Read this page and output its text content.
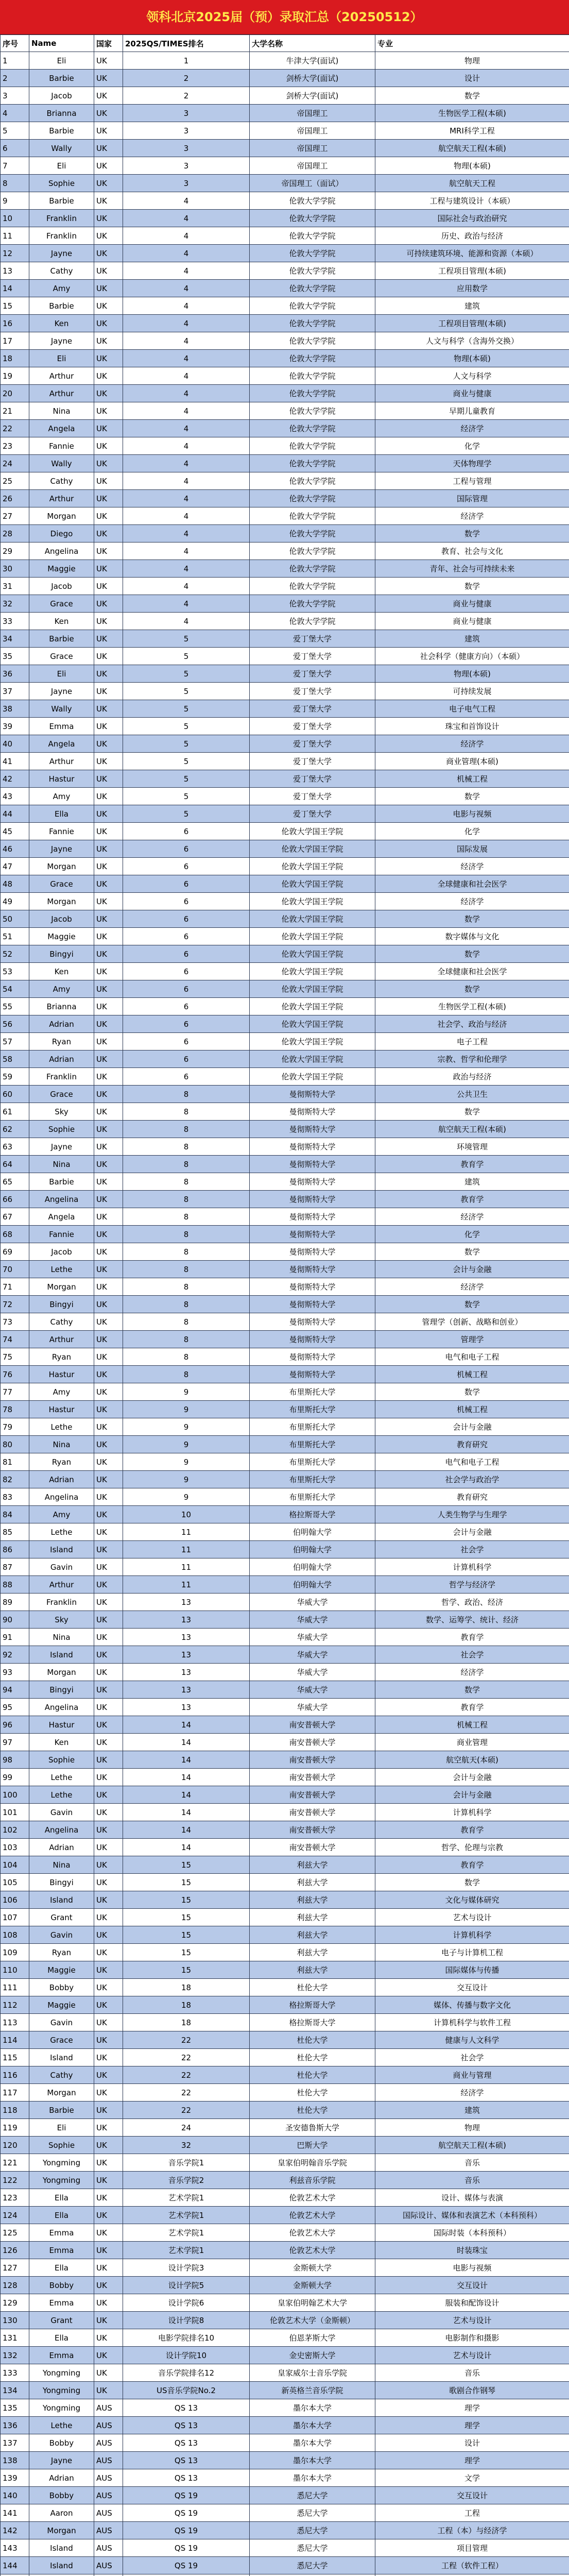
领科北京2025届（预）录取汇总（20250512）
序号	Name	国家	2025QS/TIMES排名	大学名称	专业
1	Eli	UK	1	牛津大学(面试)	物理
2	Barbie	UK	2	剑桥大学(面试)	设计
3	Jacob	UK	2	剑桥大学(面试)	数学
4	Brianna	UK	3	帝国理工	生物医学工程(本硕)
5	Barbie	UK	3	帝国理工	MRI科学工程
6	Wally	UK	3	帝国理工	航空航天工程(本硕)
7	Eli	UK	3	帝国理工	物理(本硕)
8	Sophie	UK	3	帝国理工（面试）	航空航天工程
9	Barbie	UK	4	伦敦大学学院	工程与建筑设计（本硕）
10	Franklin	UK	4	伦敦大学学院	国际社会与政治研究
11	Franklin	UK	4	伦敦大学学院	历史、政治与经济
12	Jayne	UK	4	伦敦大学学院	可持续建筑环境、能源和资源（本硕）
13	Cathy	UK	4	伦敦大学学院	工程项目管理(本硕)
14	Amy	UK	4	伦敦大学学院	应用数学
15	Barbie	UK	4	伦敦大学学院	建筑
16	Ken	UK	4	伦敦大学学院	工程项目管理(本硕)
17	Jayne	UK	4	伦敦大学学院	人文与科学（含海外交换）
18	Eli	UK	4	伦敦大学学院	物理(本硕)
19	Arthur	UK	4	伦敦大学学院	人文与科学
20	Arthur	UK	4	伦敦大学学院	商业与健康
21	Nina	UK	4	伦敦大学学院	早期儿童教育
22	Angela	UK	4	伦敦大学学院	经济学
23	Fannie	UK	4	伦敦大学学院	化学
24	Wally	UK	4	伦敦大学学院	天体物理学
25	Cathy	UK	4	伦敦大学学院	工程与管理
26	Arthur	UK	4	伦敦大学学院	国际管理
27	Morgan	UK	4	伦敦大学学院	经济学
28	Diego	UK	4	伦敦大学学院	数学
29	Angelina	UK	4	伦敦大学学院	教育、社会与文化
30	Maggie	UK	4	伦敦大学学院	青年、社会与可持续未来
31	Jacob	UK	4	伦敦大学学院	数学
32	Grace	UK	4	伦敦大学学院	商业与健康
33	Ken	UK	4	伦敦大学学院	商业与健康
34	Barbie	UK	5	爱丁堡大学	建筑
35	Grace	UK	5	爱丁堡大学	社会科学（健康方向）（本硕）
36	Eli	UK	5	爱丁堡大学	物理(本硕)
37	Jayne	UK	5	爱丁堡大学	可持续发展
38	Wally	UK	5	爱丁堡大学	电子电气工程
39	Emma	UK	5	爱丁堡大学	珠宝和首饰设计
40	Angela	UK	5	爱丁堡大学	经济学
41	Arthur	UK	5	爱丁堡大学	商业管理(本硕)
42	Hastur	UK	5	爱丁堡大学	机械工程
43	Amy	UK	5	爱丁堡大学	数学
44	Ella	UK	5	爱丁堡大学	电影与视频
45	Fannie	UK	6	伦敦大学国王学院	化学
46	Jayne	UK	6	伦敦大学国王学院	国际发展
47	Morgan	UK	6	伦敦大学国王学院	经济学
48	Grace	UK	6	伦敦大学国王学院	全球健康和社会医学
49	Morgan	UK	6	伦敦大学国王学院	经济学
50	Jacob	UK	6	伦敦大学国王学院	数学
51	Maggie	UK	6	伦敦大学国王学院	数字媒体与文化
52	Bingyi	UK	6	伦敦大学国王学院	数学
53	Ken	UK	6	伦敦大学国王学院	全球健康和社会医学
54	Amy	UK	6	伦敦大学国王学院	数学
55	Brianna	UK	6	伦敦大学国王学院	生物医学工程(本硕)
56	Adrian	UK	6	伦敦大学国王学院	社会学、政治与经济
57	Ryan	UK	6	伦敦大学国王学院	电子工程
58	Adrian	UK	6	伦敦大学国王学院	宗教、哲学和伦理学
59	Franklin	UK	6	伦敦大学国王学院	政治与经济
60	Grace	UK	8	曼彻斯特大学	公共卫生
61	Sky	UK	8	曼彻斯特大学	数学
62	Sophie	UK	8	曼彻斯特大学	航空航天工程(本硕)
63	Jayne	UK	8	曼彻斯特大学	环境管理
64	Nina	UK	8	曼彻斯特大学	教育学
65	Barbie	UK	8	曼彻斯特大学	建筑
66	Angelina	UK	8	曼彻斯特大学	教育学
67	Angela	UK	8	曼彻斯特大学	经济学
68	Fannie	UK	8	曼彻斯特大学	化学
69	Jacob	UK	8	曼彻斯特大学	数学
70	Lethe	UK	8	曼彻斯特大学	会计与金融
71	Morgan	UK	8	曼彻斯特大学	经济学
72	Bingyi	UK	8	曼彻斯特大学	数学
73	Cathy	UK	8	曼彻斯特大学	管理学（创新、战略和创业）
74	Arthur	UK	8	曼彻斯特大学	管理学
75	Ryan	UK	8	曼彻斯特大学	电气和电子工程
76	Hastur	UK	8	曼彻斯特大学	机械工程
77	Amy	UK	9	布里斯托大学	数学
78	Hastur	UK	9	布里斯托大学	机械工程
79	Lethe	UK	9	布里斯托大学	会计与金融
80	Nina	UK	9	布里斯托大学	教育研究
81	Ryan	UK	9	布里斯托大学	电气和电子工程
82	Adrian	UK	9	布里斯托大学	社会学与政治学
83	Angelina	UK	9	布里斯托大学	教育研究
84	Amy	UK	10	格拉斯哥大学	人类生物学与生理学
85	Lethe	UK	11	伯明翰大学	会计与金融
86	Island	UK	11	伯明翰大学	社会学
87	Gavin	UK	11	伯明翰大学	计算机科学
88	Arthur	UK	11	伯明翰大学	哲学与经济学
89	Franklin	UK	13	华威大学	哲学、政治、经济
90	Sky	UK	13	华威大学	数学、运筹学、统计、经济
91	Nina	UK	13	华威大学	教育学
92	Island	UK	13	华威大学	社会学
93	Morgan	UK	13	华威大学	经济学
94	Bingyi	UK	13	华威大学	数学
95	Angelina	UK	13	华威大学	教育学
96	Hastur	UK	14	南安普顿大学	机械工程
97	Ken	UK	14	南安普顿大学	商业管理
98	Sophie	UK	14	南安普顿大学	航空航天(本硕)
99	Lethe	UK	14	南安普顿大学	会计与金融
100	Lethe	UK	14	南安普顿大学	会计与金融
101	Gavin	UK	14	南安普顿大学	计算机科学
102	Angelina	UK	14	南安普顿大学	教育学
103	Adrian	UK	14	南安普顿大学	哲学、伦理与宗教
104	Nina	UK	15	利兹大学	教育学
105	Bingyi	UK	15	利兹大学	数学
106	Island	UK	15	利兹大学	文化与媒体研究
107	Grant	UK	15	利兹大学	艺术与设计
108	Gavin	UK	15	利兹大学	计算机科学
109	Ryan	UK	15	利兹大学	电子与计算机工程
110	Maggie	UK	15	利兹大学	国际媒体与传播
111	Bobby	UK	18	杜伦大学	交互设计
112	Maggie	UK	18	格拉斯哥大学	媒体、传播与数字文化
113	Gavin	UK	18	格拉斯哥大学	计算机科学与软件工程
114	Grace	UK	22	杜伦大学	健康与人文科学
115	Island	UK	22	杜伦大学	社会学
116	Cathy	UK	22	杜伦大学	商业与管理
117	Morgan	UK	22	杜伦大学	经济学
118	Barbie	UK	22	杜伦大学	建筑
119	Eli	UK	24	圣安德鲁斯大学	物理
120	Sophie	UK	32	巴斯大学	航空航天工程(本硕)
121	Yongming	UK	音乐学院1	皇家伯明翰音乐学院	音乐
122	Yongming	UK	音乐学院2	利兹音乐学院	音乐
123	Ella	UK	艺术学院1	伦敦艺术大学	设计、媒体与表演
124	Ella	UK	艺术学院1	伦敦艺术大学	国际设计、媒体和表演艺术（本科预科）
125	Emma	UK	艺术学院1	伦敦艺术大学	国际时装（本科预科）
126	Emma	UK	艺术学院1	伦敦艺术大学	时装珠宝
127	Ella	UK	设计学院3	金斯顿大学	电影与视频
128	Bobby	UK	设计学院5	金斯顿大学	交互设计
129	Emma	UK	设计学院6	皇家伯明翰艺术大学	服装和配饰设计
130	Grant	UK	设计学院8	伦敦艺术大学（金斯顿）	艺术与设计
131	Ella	UK	电影学院排名10	伯恩茅斯大学	电影制作和摄影
132	Emma	UK	设计学院10	金史密斯大学	艺术与设计
133	Yongming	UK	音乐学院排名12	皇家威尔士音乐学院	音乐
134	Yongming	UK	US音乐学院No.2	新英格兰音乐学院	歌剧合作钢琴
135	Yongming	AUS	QS 13	墨尔本大学	理学
136	Lethe	AUS	QS 13	墨尔本大学	理学
137	Bobby	AUS	QS 13	墨尔本大学	设计
138	Jayne	AUS	QS 13	墨尔本大学	理学
139	Adrian	AUS	QS 13	墨尔本大学	文学
140	Bobby	AUS	QS 19	悉尼大学	交互设计
141	Aaron	AUS	QS 19	悉尼大学	工程
142	Morgan	AUS	QS 19	悉尼大学	工程（本）与经济学
143	Island	AUS	QS 19	悉尼大学	项目管理
144	Island	AUS	QS 19	悉尼大学	工程（软件工程）
